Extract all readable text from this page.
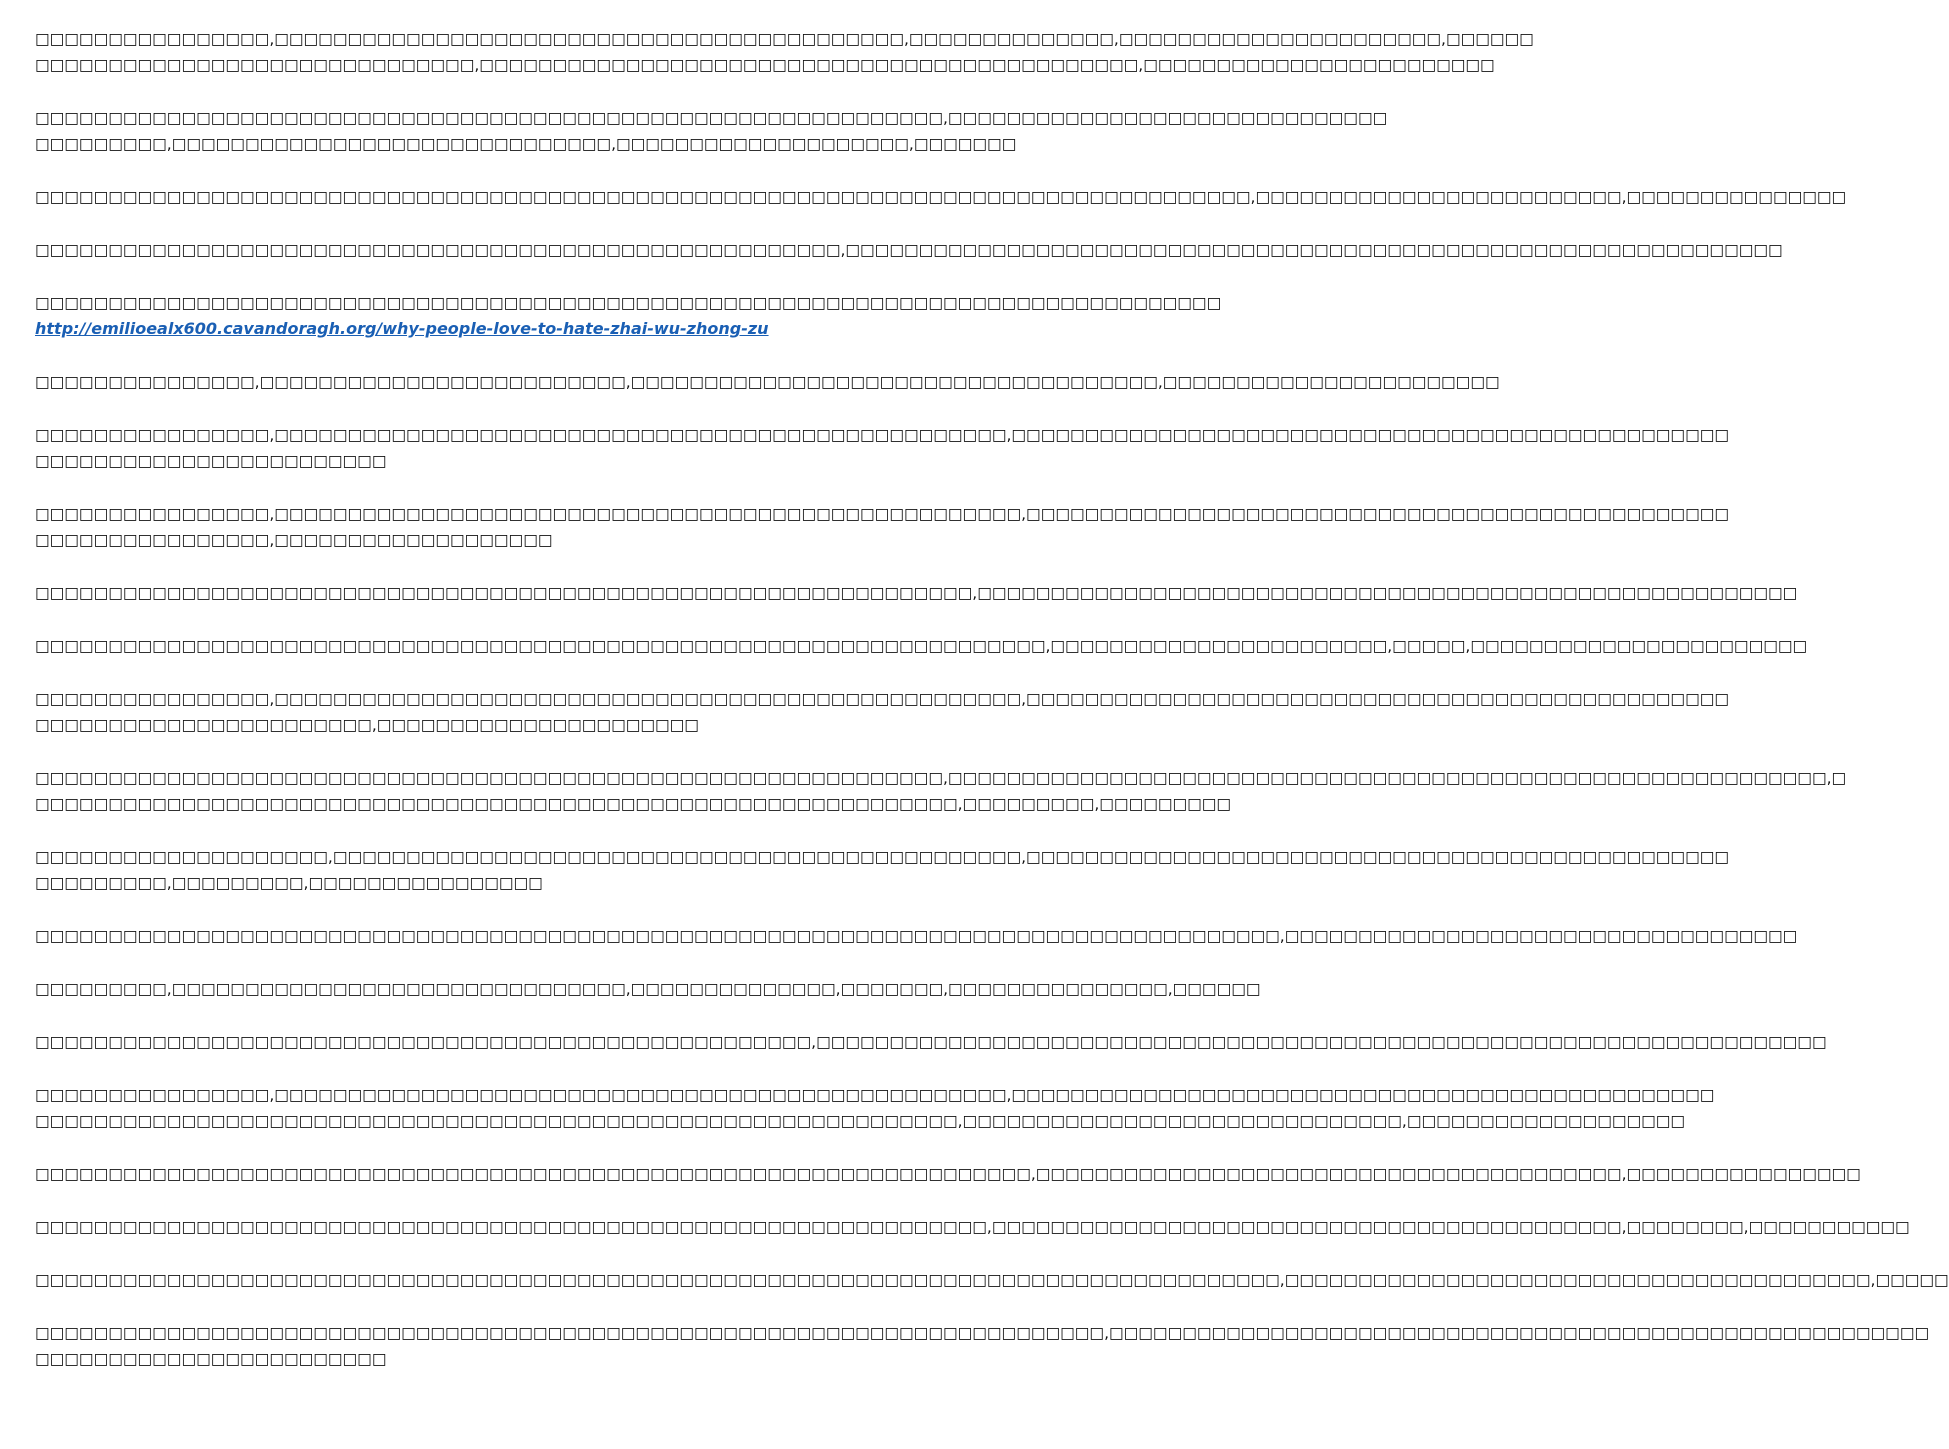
□□□□□□□□□□□□□□□□,□□□□□□□□□□□□□□□□□□□□□□□□□□□□□□□□□□□□□□□□□□□,□□□□□□□□□□□□□□,□□□□□□□□□□□□□□□□□□□□□□,□□□□□□
□□□□□□□□□□□□□□□□□□□□□□□□□□□□□□,□□□□□□□□□□□□□□□□□□□□□□□□□□□□□□□□□□□□□□□□□□□□□,□□□□□□□□□□□□□□□□□□□□□□□□
□□□□□□□□□□□□□□□□□□□□□□□□□□□□□□□□□□□□□□□□□□□□□□□□□□□□□□□□□□□□□□,□□□□□□□□□□□□□□□□□□□□□□□□□□□□□□
□□□□□□□□□,□□□□□□□□□□□□□□□□□□□□□□□□□□□□□□,□□□□□□□□□□□□□□□□□□□□,□□□□□□□
□□□□□□□□□□□□□□□□□□□□□□□□□□□□□□□□□□□□□□□□□□□□□□□□□□□□□□□□□□□□□□□□□□□□□□□□□□□□□□□□□□□,□□□□□□□□□□□□□□□□□□□□□□□□□,□□□□□□□□□□□□□□□
□□□□□□□□□□□□□□□□□□□□□□□□□□□□□□□□□□□□□□□□□□□□□□□□□□□□□□□,□□□□□□□□□□□□□□□□□□□□□□□□□□□□□□□□□□□□□□□□□□□□□□□□□□□□□□□□□□□□□□□□
□□□□□□□□□□□□□□□□□□□□□□□□□□□□□□□□□□□□□□□□□□□□□□□□□□□□□□□□□□□□□□□□□□□□□□□□□□□□□□□□□
http://emilioealx600.cavandoragh.org/why-people-love-to-hate-zhai-wu-zhong-zu
□□□□□□□□□□□□□□□,□□□□□□□□□□□□□□□□□□□□□□□□□,□□□□□□□□□□□□□□□□□□□□□□□□□□□□□□□□□□□□,□□□□□□□□□□□□□□□□□□□□□□□
□□□□□□□□□□□□□□□□,□□□□□□□□□□□□□□□□□□□□□□□□□□□□□□□□□□□□□□□□□□□□□□□□□□,□□□□□□□□□□□□□□□□□□□□□□□□□□□□□□□□□□□□□□□□□□□□□□□□□
□□□□□□□□□□□□□□□□□□□□□□□□
□□□□□□□□□□□□□□□□,□□□□□□□□□□□□□□□□□□□□□□□□□□□□□□□□□□□□□□□□□□□□□□□□□□□,□□□□□□□□□□□□□□□□□□□□□□□□□□□□□□□□□□□□□□□□□□□□□□□□
□□□□□□□□□□□□□□□□,□□□□□□□□□□□□□□□□□□□
□□□□□□□□□□□□□□□□□□□□□□□□□□□□□□□□□□□□□□□□□□□□□□□□□□□□□□□□□□□□□□□□,□□□□□□□□□□□□□□□□□□□□□□□□□□□□□□□□□□□□□□□□□□□□□□□□□□□□□□□□
□□□□□□□□□□□□□□□□□□□□□□□□□□□□□□□□□□□□□□□□□□□□□□□□□□□□□□□□□□□□□□□□□□□□□,□□□□□□□□□□□□□□□□□□□□□□□,□□□□□,□□□□□□□□□□□□□□□□□□□□□□□
□□□□□□□□□□□□□□□□,□□□□□□□□□□□□□□□□□□□□□□□□□□□□□□□□□□□□□□□□□□□□□□□□□□□,□□□□□□□□□□□□□□□□□□□□□□□□□□□□□□□□□□□□□□□□□□□□□□□□
□□□□□□□□□□□□□□□□□□□□□□□,□□□□□□□□□□□□□□□□□□□□□□
□□□□□□□□□□□□□□□□□□□□□□□□□□□□□□□□□□□□□□□□□□□□□□□□□□□□□□□□□□□□□□,□□□□□□□□□□□□□□□□□□□□□□□□□□□□□□□□□□□□□□□□□□□□□□□□□□□□□□□□□□□□,□
□□□□□□□□□□□□□□□□□□□□□□□□□□□□□□□□□□□□□□□□□□□□□□□□□□□□□□□□□□□□□□□,□□□□□□□□□,□□□□□□□□□
□□□□□□□□□□□□□□□□□□□□,□□□□□□□□□□□□□□□□□□□□□□□□□□□□□□□□□□□□□□□□□□□□□□□,□□□□□□□□□□□□□□□□□□□□□□□□□□□□□□□□□□□□□□□□□□□□□□□□
□□□□□□□□□,□□□□□□□□□,□□□□□□□□□□□□□□□□
□□□□□□□□□□□□□□□□□□□□□□□□□□□□□□□□□□□□□□□□□□□□□□□□□□□□□□□□□□□□□□□□□□□□□□□□□□□□□□□□□□□□□,□□□□□□□□□□□□□□□□□□□□□□□□□□□□□□□□□□□
□□□□□□□□□,□□□□□□□□□□□□□□□□□□□□□□□□□□□□□□□,□□□□□□□□□□□□□□,□□□□□□□,□□□□□□□□□□□□□□□,□□□□□□
□□□□□□□□□□□□□□□□□□□□□□□□□□□□□□□□□□□□□□□□□□□□□□□□□□□□□,□□□□□□□□□□□□□□□□□□□□□□□□□□□□□□□□□□□□□□□□□□□□□□□□□□□□□□□□□□□□□□□□□□□□□
□□□□□□□□□□□□□□□□,□□□□□□□□□□□□□□□□□□□□□□□□□□□□□□□□□□□□□□□□□□□□□□□□□□,□□□□□□□□□□□□□□□□□□□□□□□□□□□□□□□□□□□□□□□□□□□□□□□□
□□□□□□□□□□□□□□□□□□□□□□□□□□□□□□□□□□□□□□□□□□□□□□□□□□□□□□□□□□□□□□□,□□□□□□□□□□□□□□□□□□□□□□□□□□□□□□,□□□□□□□□□□□□□□□□□□□
□□□□□□□□□□□□□□□□□□□□□□□□□□□□□□□□□□□□□□□□□□□□□□□□□□□□□□□□□□□□□□□□□□□□,□□□□□□□□□□□□□□□□□□□□□□□□□□□□□□□□□□□□□□□□,□□□□□□□□□□□□□□□□
□□□□□□□□□□□□□□□□□□□□□□□□□□□□□□□□□□□□□□□□□□□□□□□□□□□□□□□□□□□□□□□□□,□□□□□□□□□□□□□□□□□□□□□□□□□□□□□□□□□□□□□□□□□□□,□□□□□□□□,□□□□□□□□□□□
□□□□□□□□□□□□□□□□□□□□□□□□□□□□□□□□□□□□□□□□□□□□□□□□□□□□□□□□□□□□□□□□□□□□□□□□□□□□□□□□□□□□□,□□□□□□□□□□□□□□□□□□□□□□□□□□□□□□□□□□□□□□□□,□□□□□
□□□□□□□□□□□□□□□□□□□□□□□□□□□□□□□□□□□□□□□□□□□□□□□□□□□□□□□□□□□□□□□□□□□□□□□□□,□□□□□□□□□□□□□□□□□□□□□□□□□□□□□□□□□□□□□□□□□□□□□□□□□□□□□□□□
□□□□□□□□□□□□□□□□□□□□□□□□
